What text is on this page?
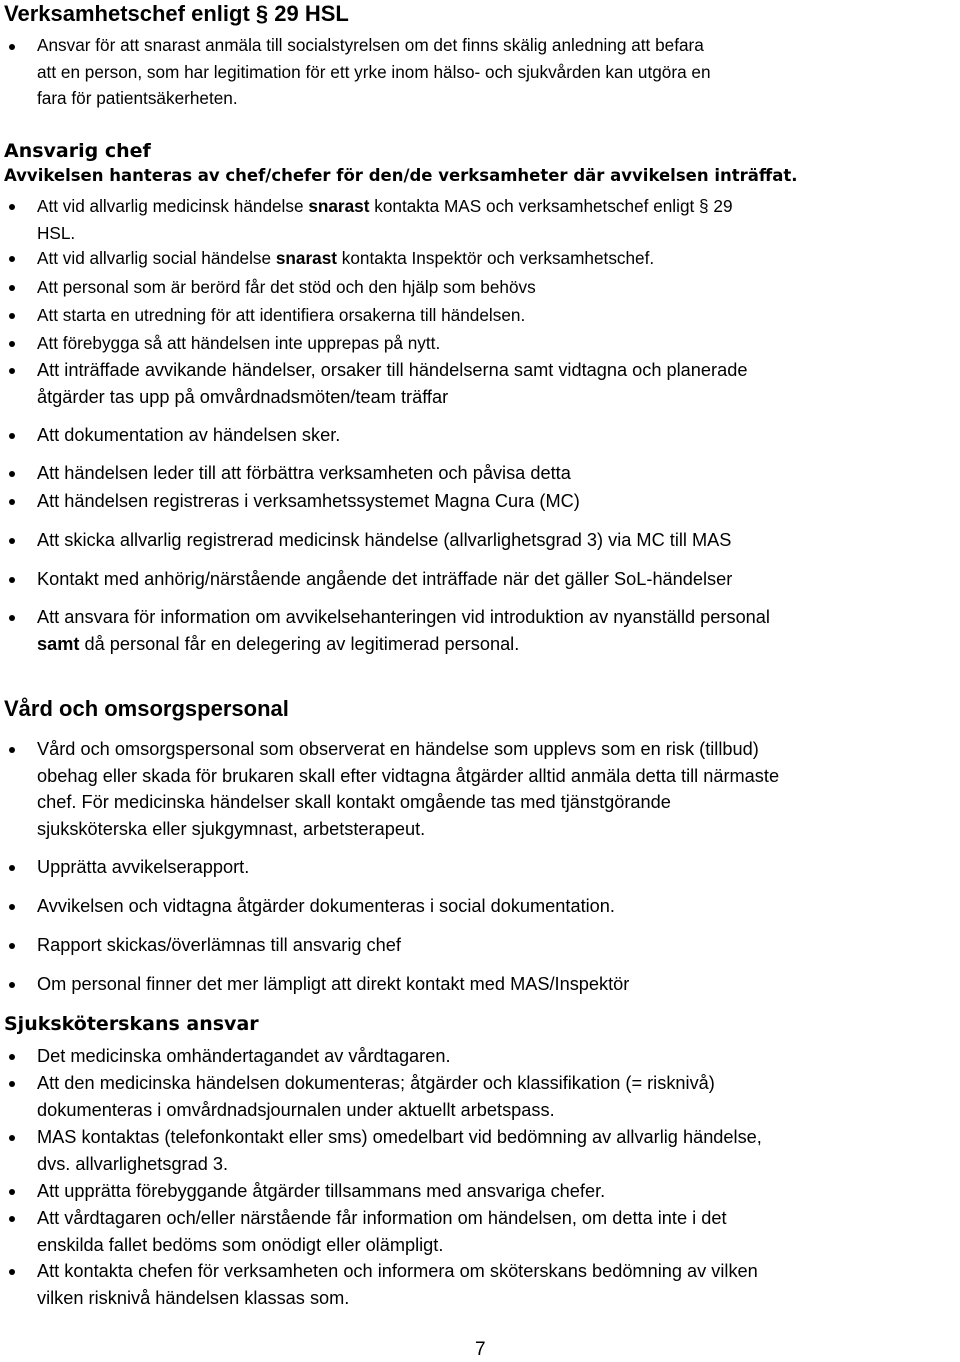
Verksamhetschef enligt § 29 HSL
Ansvar för att snarast anmäla till socialstyrelsen om det finns skälig anledning att befara
att en person, som har legitimation för ett yrke inom hälso- och sjukvården kan utgöra en
fara för patientsäkerheten.
Ansvarig chef
Avvikelsen hanteras av chef/chefer för den/de verksamheter där avvikelsen inträffat.
Att vid allvarlig medicinsk händelse snarast kontakta MAS och verksamhetschef enligt § 29
HSL.
Att vid allvarlig social händelse snarast kontakta Inspektör och verksamhetschef.
Att personal som är berörd får det stöd och den hjälp som behövs
Att starta en utredning för att identifiera orsakerna till händelsen.
Att förebygga så att händelsen inte upprepas på nytt.
Att inträffade avvikande händelser, orsaker till händelserna samt vidtagna och planerade
åtgärder tas upp på omvårdnadsmöten/team träffar
Att dokumentation av händelsen sker.
Att händelsen leder till att förbättra verksamheten och påvisa detta
Att händelsen registreras i verksamhetssystemet Magna Cura (MC)
Att skicka allvarlig registrerad medicinsk händelse (allvarlighetsgrad 3) via MC till MAS
Kontakt med anhörig/närstående angående det inträffade när det gäller SoL-händelser
Att ansvara för information om avvikelsehanteringen vid introduktion av nyanställd personal
samt då personal får en delegering av legitimerad personal.
Vård och omsorgspersonal
Vård och omsorgspersonal som observerat en händelse som upplevs som en risk (tillbud)
obehag eller skada för brukaren skall efter vidtagna åtgärder alltid anmäla detta till närmaste
chef. För medicinska händelser skall kontakt omgående tas med tjänstgörande
sjuksköterska eller sjukgymnast, arbetsterapeut.
Upprätta avvikelserapport.
Avvikelsen och vidtagna åtgärder dokumenteras i social dokumentation.
Rapport skickas/överlämnas till ansvarig chef
Om personal finner det mer lämpligt att direkt kontakt med MAS/Inspektör
Sjuksköterskans ansvar
Det medicinska omhändertagandet av vårdtagaren.
Att den medicinska händelsen dokumenteras; åtgärder och klassifikation (= risknivå)
dokumenteras i omvårdnadsjournalen under aktuellt arbetspass.
MAS kontaktas (telefonkontakt eller sms) omedelbart vid bedömning av allvarlig händelse,
dvs. allvarlighetsgrad 3.
Att upprätta förebyggande åtgärder tillsammans med ansvariga chefer.
Att vårdtagaren och/eller närstående får information om händelsen, om detta inte i det
enskilda fallet bedöms som onödigt eller olämpligt.
Att kontakta chefen för verksamheten och informera om sköterskans bedömning av vilken
vilken risknivå händelsen klassas som.
7
